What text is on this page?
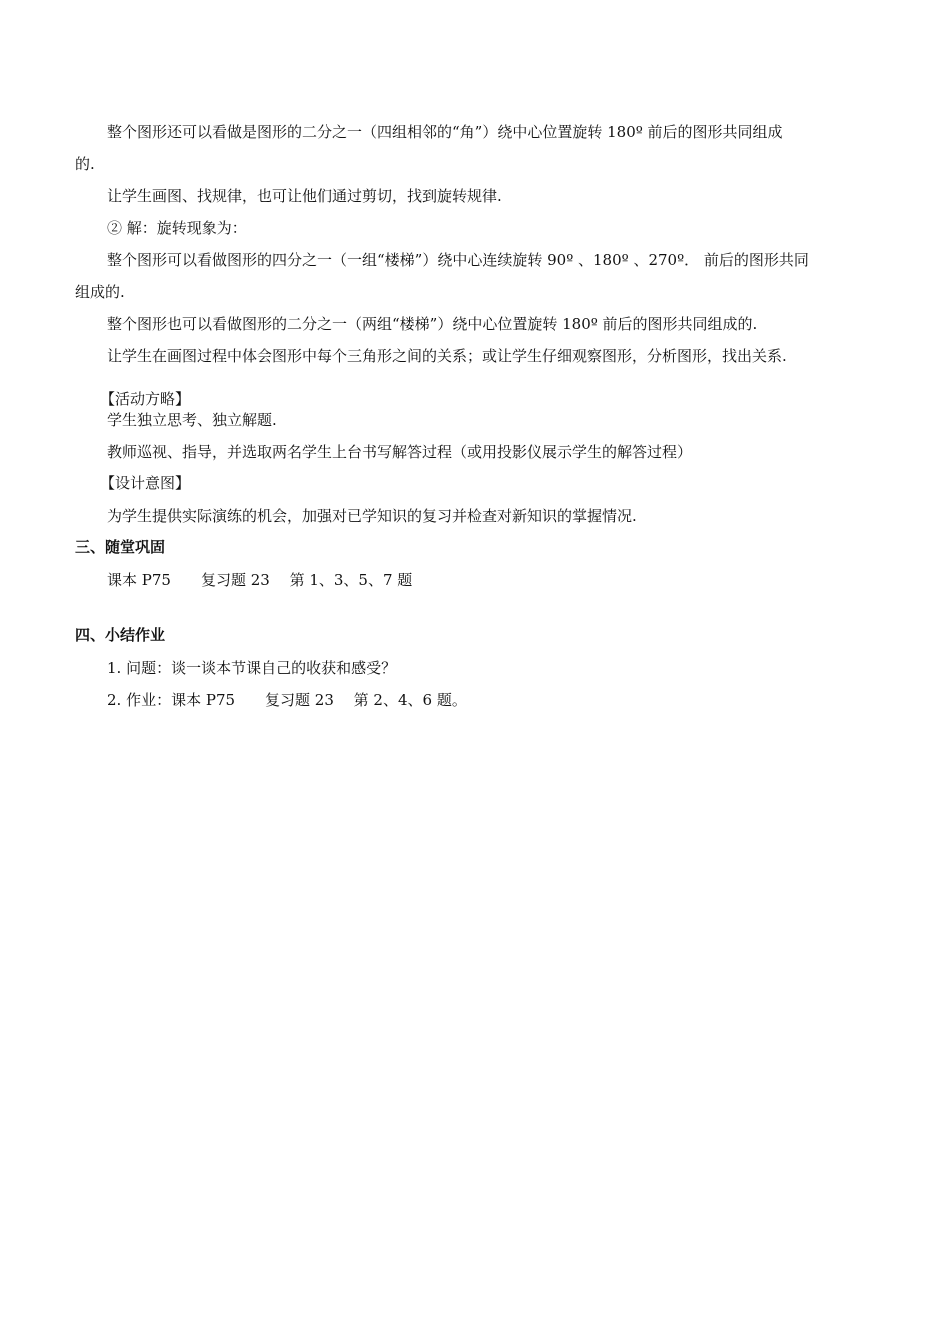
整个图形还可以看做是图形的二分之一（四组相邻的“角”）绕中心位置旋转 180º 前后的图形共同组成
的.
让学生画图、找规律，也可让他们通过剪切，找到旋转规律.
② 解：旋转现象为：
整个图形可以看做图形的四分之一（一组“楼梯”）绕中心连续旋转 90º 、180º 、270º． 前后的图形共同
组成的.
整个图形也可以看做图形的二分之一（两组“楼梯”）绕中心位置旋转 180º 前后的图形共同组成的.
让学生在画图过程中体会图形中每个三角形之间的关系；或让学生仔细观察图形，分析图形，找出关系.
【活动方略】
学生独立思考、独立解题.
教师巡视、指导，并选取两名学生上台书写解答过程（或用投影仪展示学生的解答过程）
【设计意图】
为学生提供实际演练的机会，加强对已学知识的复习并检查对新知识的掌握情况.
三、随堂巩固
课本 P75　　复习题 23　 第 1、3、5、7 题
四、小结作业
1. 问题：谈一谈本节课自己的收获和感受？
2. 作业：课本 P75　　复习题 23　 第 2、4、6 题。
